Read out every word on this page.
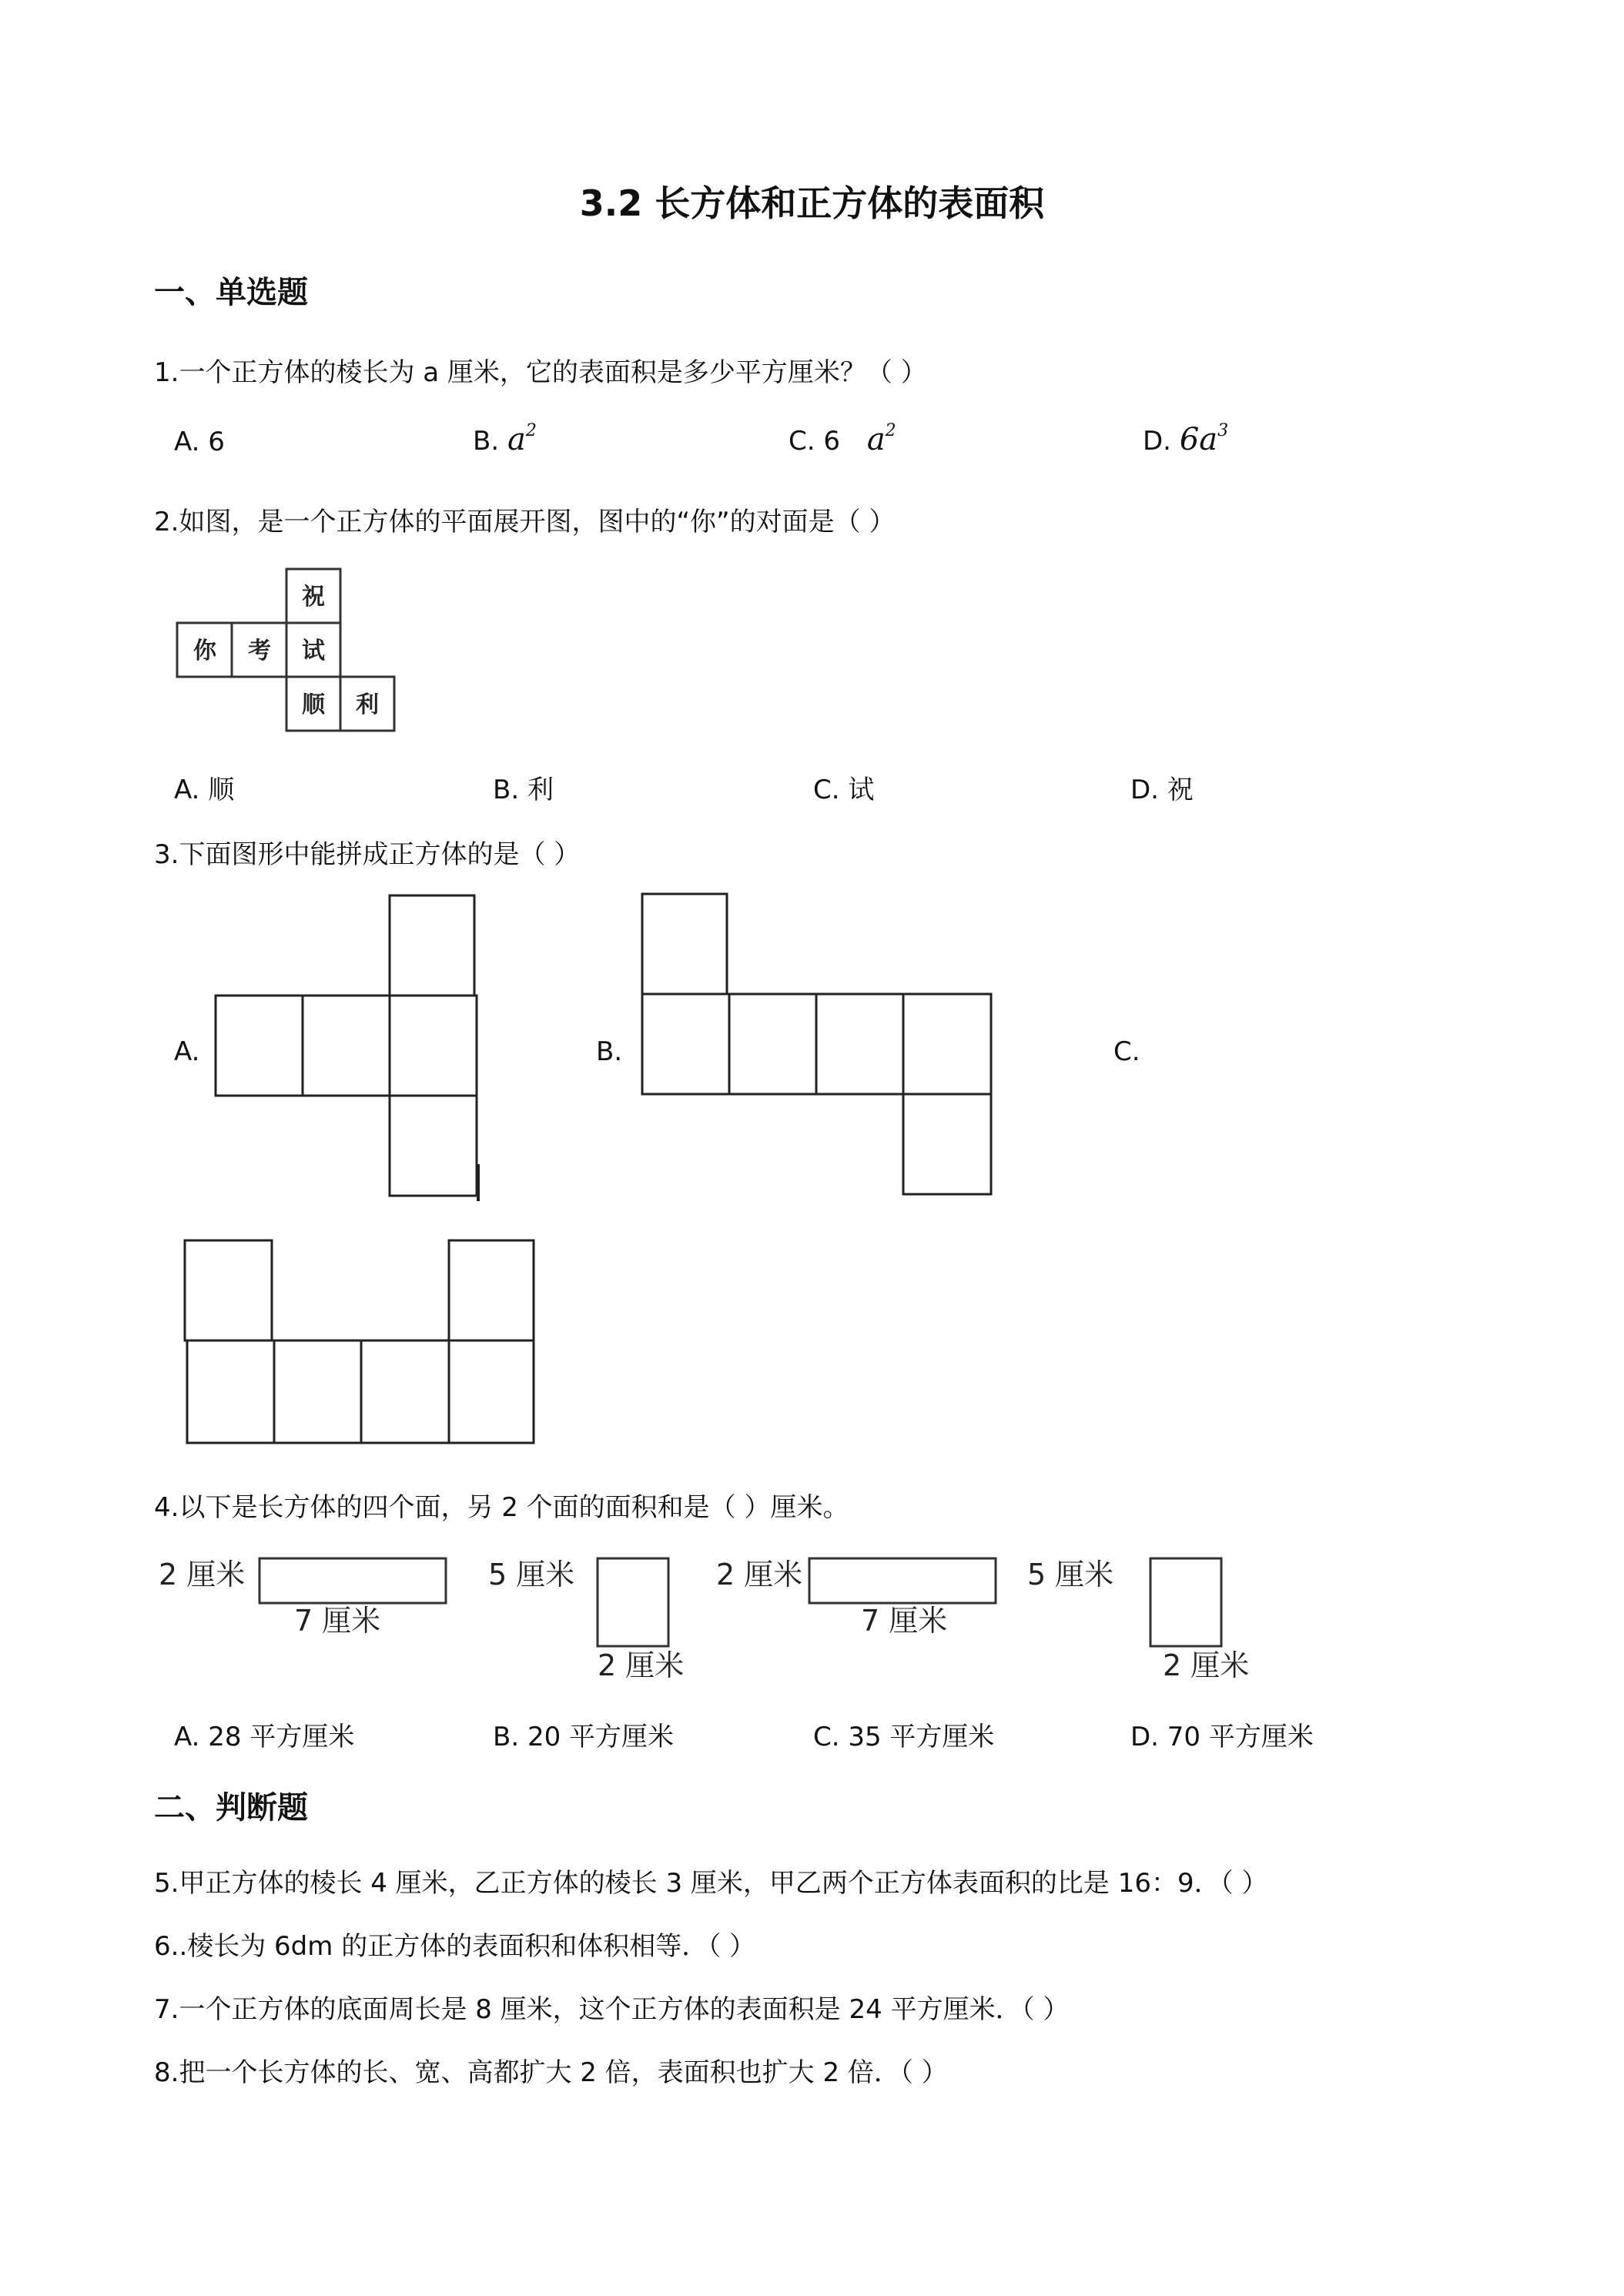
3.2 长方体和正方体的表面积
一、单选题
1.一个正方体的棱长为 a 厘米，它的表面积是多少平方厘米？（ ）
A. 6	B. $a^2$	C. 6 $a^2$	D. $6a^3$
2.如图，是一个正方体的平面展开图，图中的“你”的对面是（ ）
祝
你 考 试
顺 利
A. 顺	B. 利	C. 试	D. 祝
3.下面图形中能拼成正方体的是（ ）
A.	B.	C.
4.以下是长方体的四个面，另 2 个面的面积和是（ ）厘米。
2 厘米
7 厘米
5 厘米
2 厘米
2 厘米
7 厘米
5 厘米
2 厘米
A. 28 平方厘米	B. 20 平方厘米	C. 35 平方厘米	D. 70 平方厘米
二、判断题
5.甲正方体的棱长 4 厘米，乙正方体的棱长 3 厘米，甲乙两个正方体表面积的比是 16：9．（ ）
6..棱长为 6dm 的正方体的表面积和体积相等．（ ）
7.一个正方体的底面周长是 8 厘米，这个正方体的表面积是 24 平方厘米．（ ）
8.把一个长方体的长、宽、高都扩大 2 倍，表面积也扩大 2 倍．（ ）
